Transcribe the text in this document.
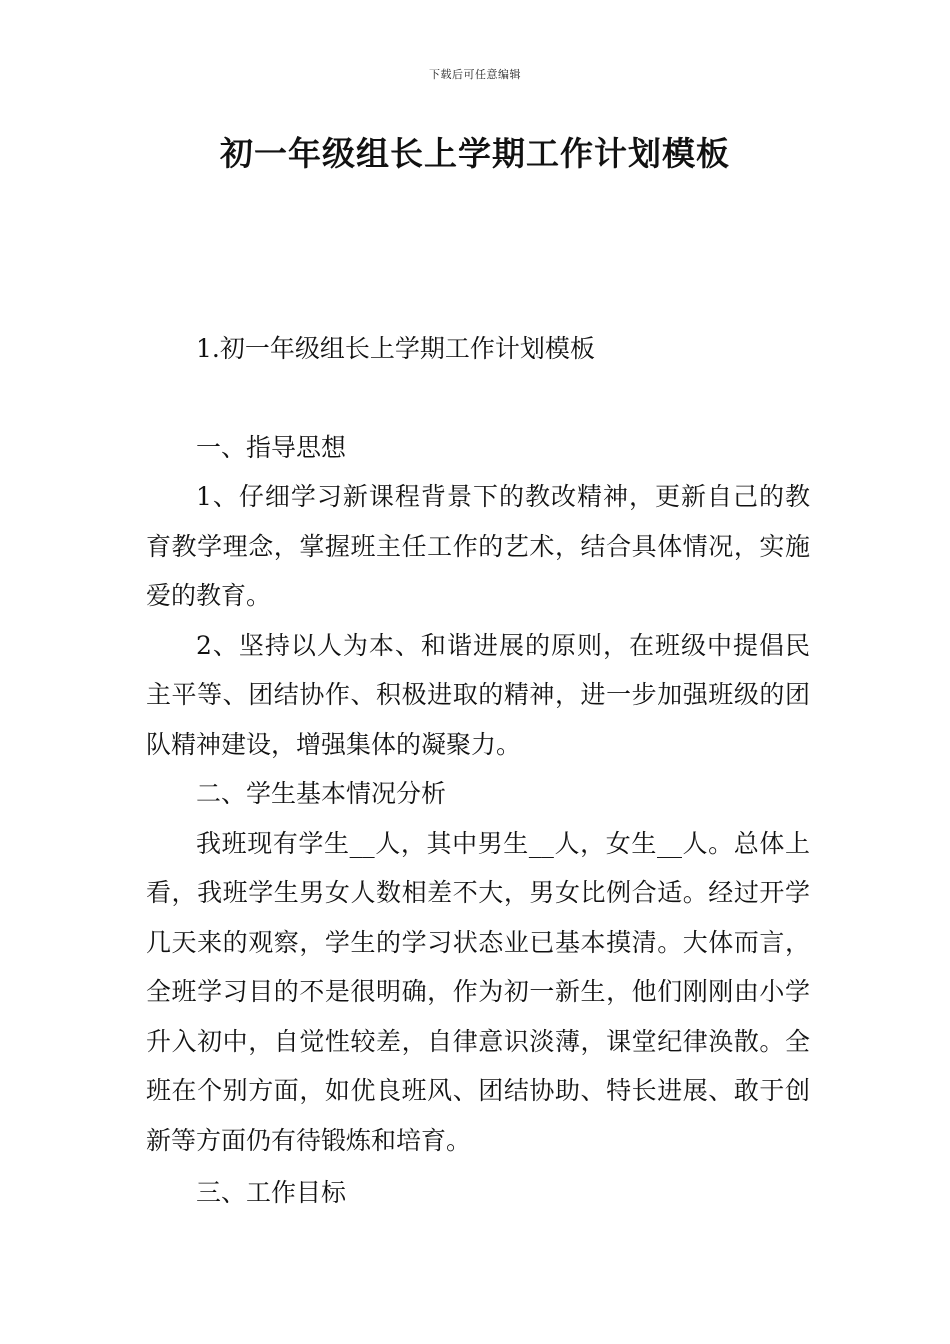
下载后可任意编辑
初一年级组长上学期工作计划模板

1.初一年级组长上学期工作计划模板

一、指导思想

1、仔细学习新课程背景下的教改精神，更新自己的教育教学理念，掌握班主任工作的艺术，结合具体情况，实施爱的教育。

2、坚持以人为本、和谐进展的原则，在班级中提倡民主平等、团结协作、积极进取的精神，进一步加强班级的团队精神建设，增强集体的凝聚力。

二、学生基本情况分析

我班现有学生__人，其中男生__人，女生__人。总体上看，我班学生男女人数相差不大，男女比例合适。经过开学几天来的观察，学生的学习状态业已基本摸清。大体而言，全班学习目的不是很明确，作为初一新生，他们刚刚由小学升入初中，自觉性较差，自律意识淡薄，课堂纪律涣散。全班在个别方面，如优良班风、团结协助、特长进展、敢于创新等方面仍有待锻炼和培育。

三、工作目标
